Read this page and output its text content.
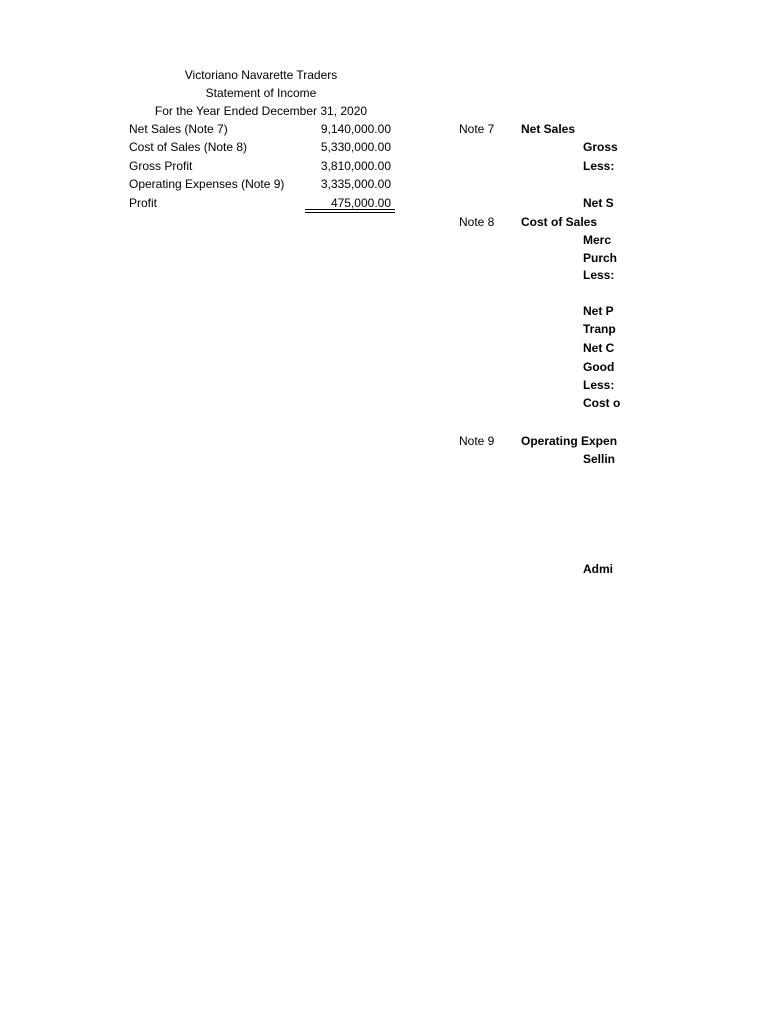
Victoriano Navarette Traders
Statement of Income
For the Year Ended December 31, 2020
Net Sales (Note 7)	9,140,000.00
Cost of Sales (Note 8)	5,330,000.00
Gross Profit	3,810,000.00
Operating Expenses (Note 9)	3,335,000.00
Profit	475,000.00
Note 7 Net Sales
Gross
Less:
Net S
Note 8 Cost of Sales
Merc
Purch
Less:
Net P
Tranp
Net C
Good
Less:
Cost o
Note 9 Operating Expen
Sellin
Admi
